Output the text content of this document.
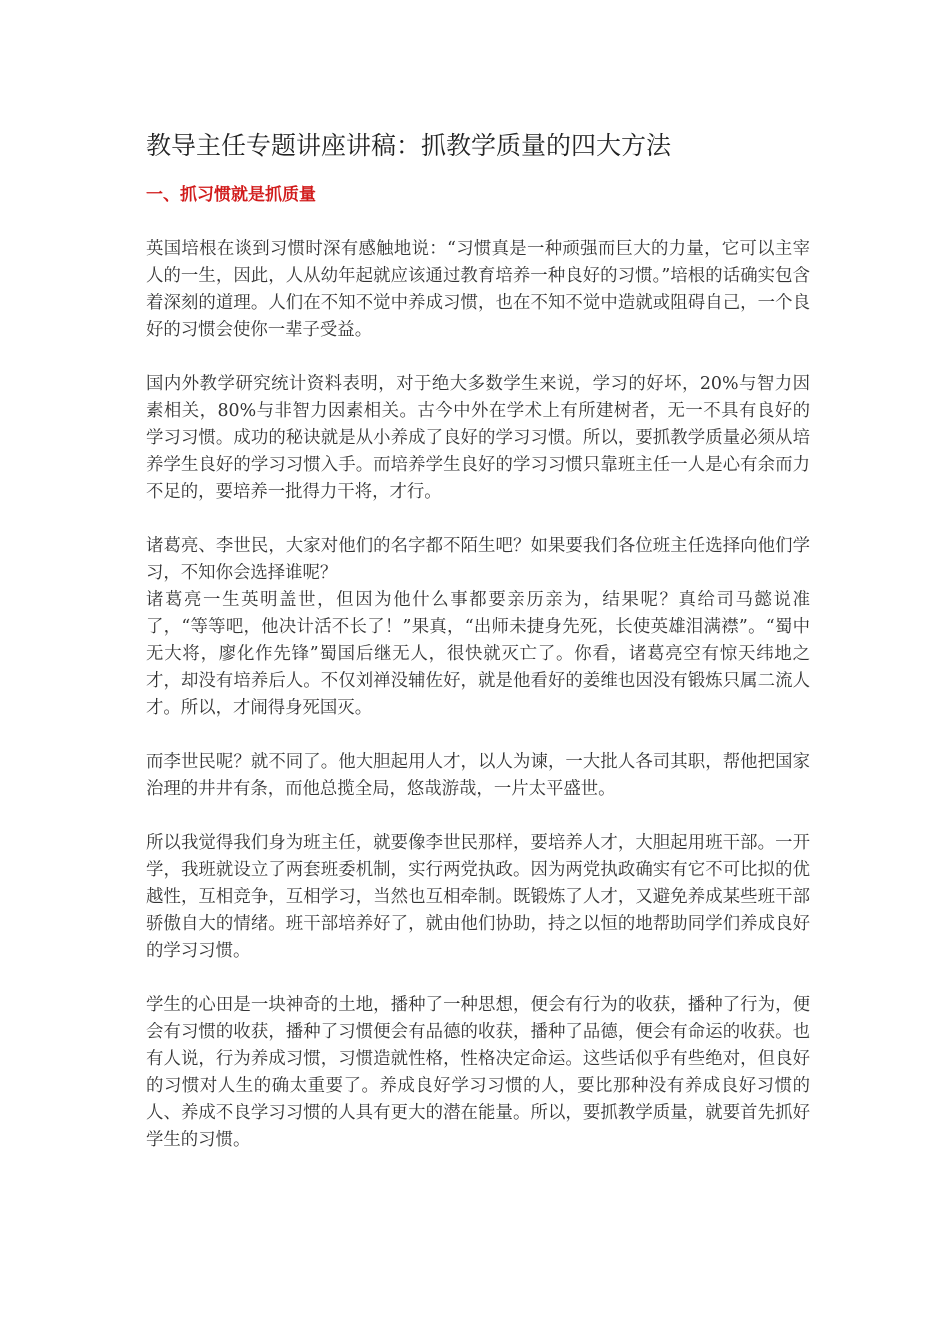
教导主任专题讲座讲稿：抓教学质量的四大方法
一、抓习惯就是抓质量

英国培根在谈到习惯时深有感触地说：“习惯真是一种顽强而巨大的力量，它可以主宰人的一生，因此，人从幼年起就应该通过教育培养一种良好的习惯。”培根的话确实包含着深刻的道理。人们在不知不觉中养成习惯，也在不知不觉中造就或阻碍自己，一个良好的习惯会使你一辈子受益。

国内外教学研究统计资料表明，对于绝大多数学生来说，学习的好坏，20%与智力因素相关，80%与非智力因素相关。古今中外在学术上有所建树者，无一不具有良好的学习习惯。成功的秘诀就是从小养成了良好的学习习惯。所以，要抓教学质量必须从培养学生良好的学习习惯入手。而培养学生良好的学习习惯只靠班主任一人是心有余而力不足的，要培养一批得力干将，才行。

诸葛亮、李世民，大家对他们的名字都不陌生吧？如果要我们各位班主任选择向他们学习，不知你会选择谁呢？

诸葛亮一生英明盖世，但因为他什么事都要亲历亲为，结果呢？真给司马懿说准了，“等等吧，他决计活不长了！”果真，“出师未捷身先死，长使英雄泪满襟”。“蜀中无大将，廖化作先锋”蜀国后继无人，很快就灭亡了。你看，诸葛亮空有惊天纬地之才，却没有培养后人。不仅刘禅没辅佐好，就是他看好的姜维也因没有锻炼只属二流人才。所以，才闹得身死国灭。

而李世民呢？就不同了。他大胆起用人才，以人为谏，一大批人各司其职，帮他把国家治理的井井有条，而他总揽全局，悠哉游哉，一片太平盛世。

所以我觉得我们身为班主任，就要像李世民那样，要培养人才，大胆起用班干部。一开学，我班就设立了两套班委机制，实行两党执政。因为两党执政确实有它不可比拟的优越性，互相竞争，互相学习，当然也互相牵制。既锻炼了人才，又避免养成某些班干部骄傲自大的情绪。班干部培养好了，就由他们协助，持之以恒的地帮助同学们养成良好的学习习惯。

学生的心田是一块神奇的土地，播种了一种思想，便会有行为的收获，播种了行为，便会有习惯的收获，播种了习惯便会有品德的收获，播种了品德，便会有命运的收获。也有人说，行为养成习惯，习惯造就性格，性格决定命运。这些话似乎有些绝对，但良好的习惯对人生的确太重要了。养成良好学习习惯的人，要比那种没有养成良好习惯的人、养成不良学习习惯的人具有更大的潜在能量。所以，要抓教学质量，就要首先抓好学生的习惯。
